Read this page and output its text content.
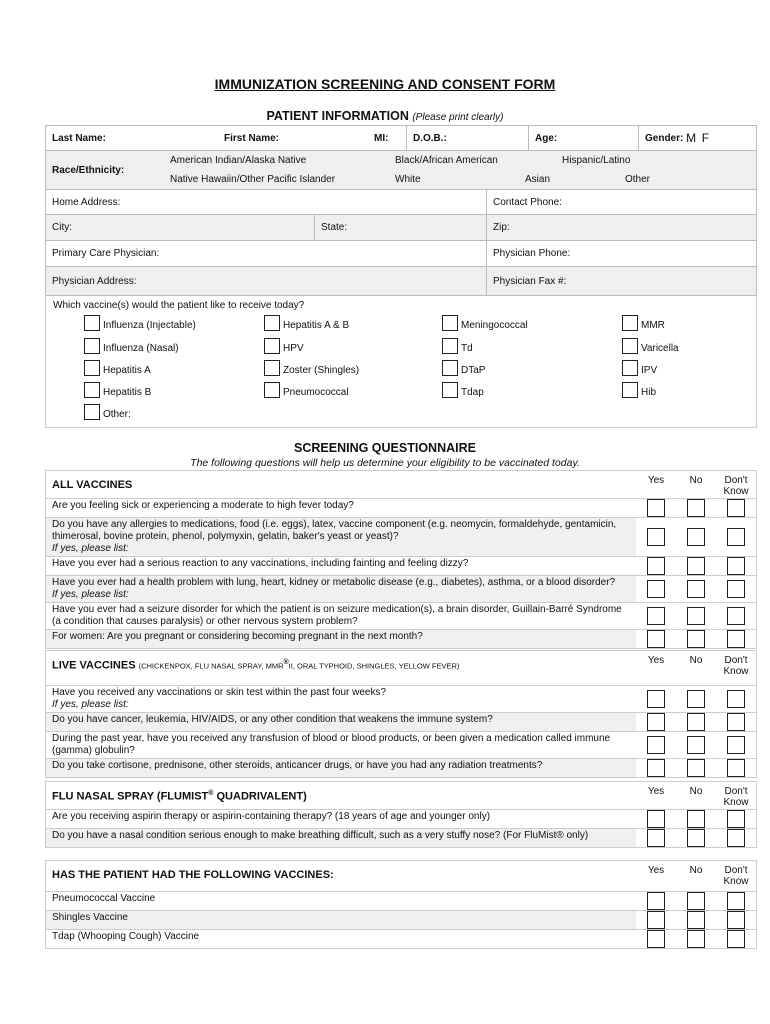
IMMUNIZATION SCREENING AND CONSENT FORM
PATIENT INFORMATION (Please print clearly)
Last Name:	First Name:	MI:	D.O.B.:	Age:	Gender:
M
F
Race/Ethnicity:
American Indian/Alaska Native	Black/African American	Hispanic/Latino
Native Hawaiin/Other Pacific Islander	White	Asian	Other
Home Address:	Contact Phone:
City:	State:	Zip:
Primary Care Physician:	Physician Phone:
Physician Address:	Physician Fax #:
Which vaccine(s) would the patient like to receive today?
Influenza (Injectable)	Hepatitis A & B	Meningococcal	MMR
Influenza (Nasal)	HPV	Td	Varicella
Hepatitis A	Zoster (Shingles)	DTaP	IPV
Hepatitis B	Pneumococcal	Tdap	Hib
Other:
SCREENING QUESTIONNAIRE
The following questions will help us determine your eligibility to be vaccinated today.
ALL VACCINES	Yes	No	Don't Know
Are you feeling sick or experiencing a moderate to high fever today?
Do you have any allergies to medications, food (i.e. eggs), latex, vaccine component (e.g. neomycin, formaldehyde, gentamicin, thimerosal, bovine protein, phenol, polymyxin, gelatin, baker's yeast or yeast)?
If yes, please list:
Have you ever had a serious reaction to any vaccinations, including fainting and feeling dizzy?
Have you ever had a health problem with lung, heart, kidney or metabolic disease (e.g., diabetes), asthma, or a blood disorder?
If yes, please list:
Have you ever had a seizure disorder for which the patient is on seizure medication(s), a brain disorder, Guillain-Barré Syndrome (a condition that causes paralysis) or other nervous system problem?
For women: Are you pregnant or considering becoming pregnant in the next month?
LIVE VACCINES (CHICKENPOX, FLU NASAL SPRAY, MMR®II, ORAL TYPHOID, SHINGLES, YELLOW FEVER)
Yes	No	Don't Know
Have you received any vaccinations or skin test within the past four weeks?
If yes, please list:
Do you have cancer, leukemia, HIV/AIDS, or any other condition that weakens the immune system?
During the past year, have you received any transfusion of blood or blood products, or been given a medication called immune (gamma) globulin?
Do you take cortisone, prednisone, other steroids, anticancer drugs, or have you had any radiation treatments?
FLU NASAL SPRAY (FLUMIST® QUADRIVALENT)	Yes	No	Don't Know
Are you receiving aspirin therapy or aspirin-containing therapy? (18 years of age and younger only)
Do you have a nasal condition serious enough to make breathing difficult, such as a very stuffy nose? (For FluMist® only)
HAS THE PATIENT HAD THE FOLLOWING VACCINES:	Yes	No	Don't Know
Pneumococcal Vaccine
Shingles Vaccine
Tdap (Whooping Cough) Vaccine
